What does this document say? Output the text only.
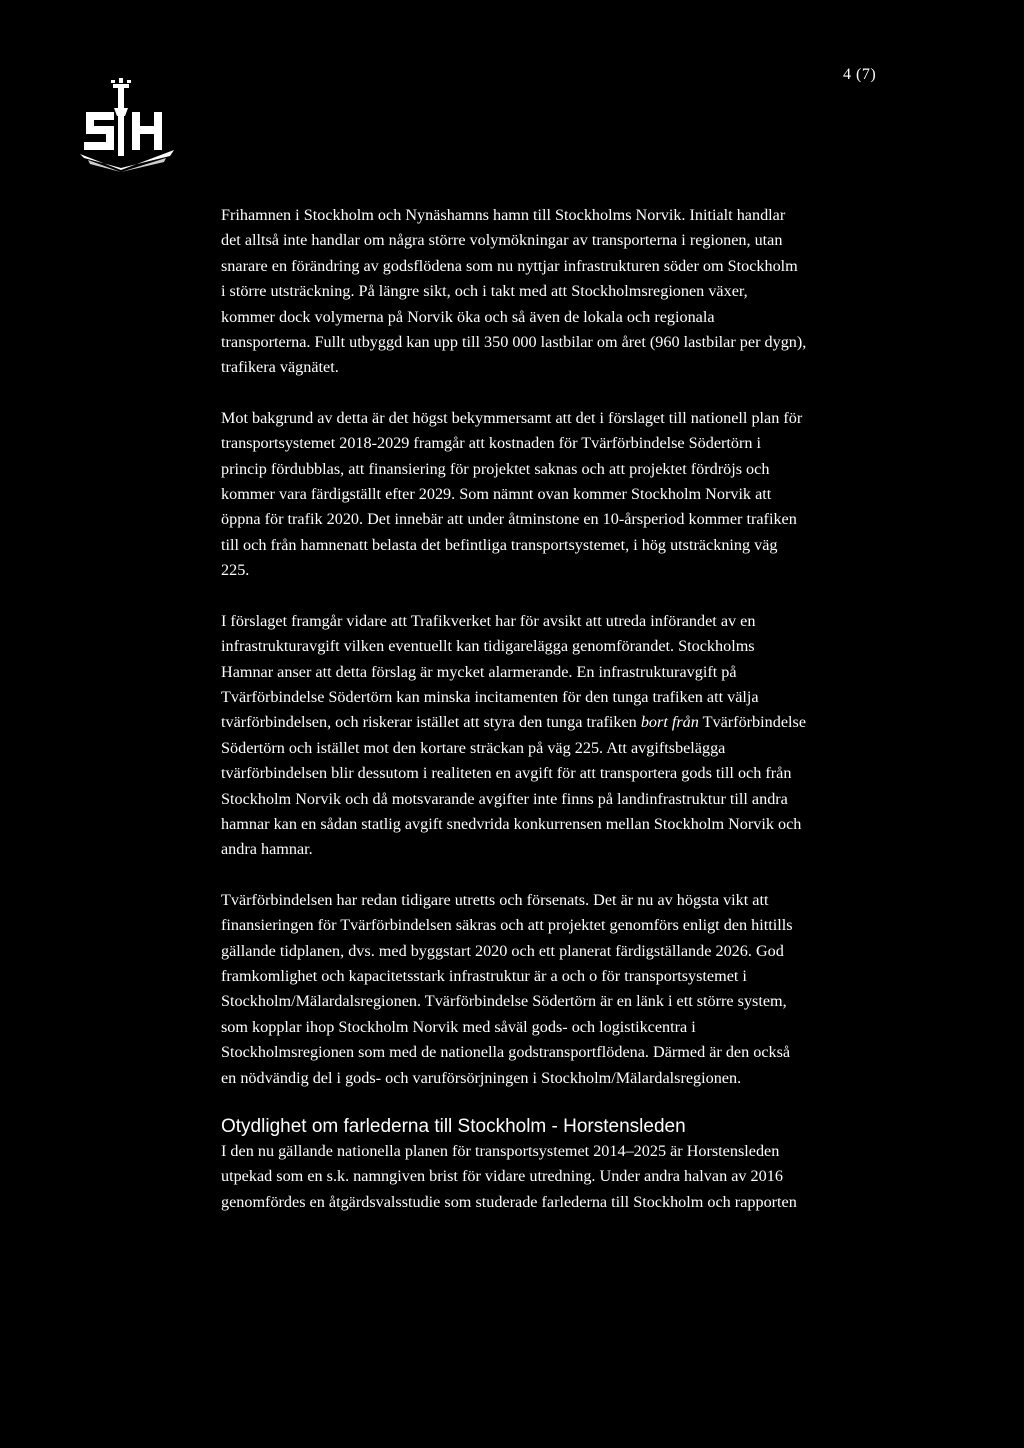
4 (7)

Frihamnen i Stockholm och Nynäshamns hamn till Stockholms Norvik. Initialt handlar
det alltså inte handlar om några större volymökningar av transporterna i regionen, utan
snarare en förändring av godsflödena som nu nyttjar infrastrukturen söder om Stockholm
i större utsträckning. På längre sikt, och i takt med att Stockholmsregionen växer,
kommer dock volymerna på Norvik öka och så även de lokala och regionala
transporterna. Fullt utbyggd kan upp till 350 000 lastbilar om året (960 lastbilar per dygn),
trafikera vägnätet.

Mot bakgrund av detta är det högst bekymmersamt att det i förslaget till nationell plan för
transportsystemet 2018-2029 framgår att kostnaden för Tvärförbindelse Södertörn i
princip fördubblas, att finansiering för projektet saknas och att projektet fördröjs och
kommer vara färdigställt efter 2029. Som nämnt ovan kommer Stockholm Norvik att
öppna för trafik 2020. Det innebär att under åtminstone en 10-årsperiod kommer trafiken
till och från hamnenatt belasta det befintliga transportsystemet, i hög utsträckning väg
225.

I förslaget framgår vidare att Trafikverket har för avsikt att utreda införandet av en
infrastrukturavgift vilken eventuellt kan tidigarelägga genomförandet. Stockholms
Hamnar anser att detta förslag är mycket alarmerande. En infrastrukturavgift på
Tvärförbindelse Södertörn kan minska incitamenten för den tunga trafiken att välja
tvärförbindelsen, och riskerar istället att styra den tunga trafiken bort från Tvärförbindelse
Södertörn och istället mot den kortare sträckan på väg 225. Att avgiftsbelägga
tvärförbindelsen blir dessutom i realiteten en avgift för att transportera gods till och från
Stockholm Norvik och då motsvarande avgifter inte finns på landinfrastruktur till andra
hamnar kan en sådan statlig avgift snedvrida konkurrensen mellan Stockholm Norvik och
andra hamnar.

Tvärförbindelsen har redan tidigare utretts och försenats. Det är nu av högsta vikt att
finansieringen för Tvärförbindelsen säkras och att projektet genomförs enligt den hittills
gällande tidplanen, dvs. med byggstart 2020 och ett planerat färdigställande 2026. God
framkomlighet och kapacitetsstark infrastruktur är a och o för transportsystemet i
Stockholm/Mälardalsregionen. Tvärförbindelse Södertörn är en länk i ett större system,
som kopplar ihop Stockholm Norvik med såväl gods- och logistikcentra i
Stockholmsregionen som med de nationella godstransportflödena. Därmed är den också
en nödvändig del i gods- och varuförsörjningen i Stockholm/Mälardalsregionen.

Otydlighet om farlederna till Stockholm - Horstensleden

I den nu gällande nationella planen för transportsystemet 2014–2025 är Horstensleden
utpekad som en s.k. namngiven brist för vidare utredning. Under andra halvan av 2016
genomfördes en åtgärdsvalsstudie som studerade farlederna till Stockholm och rapporten
